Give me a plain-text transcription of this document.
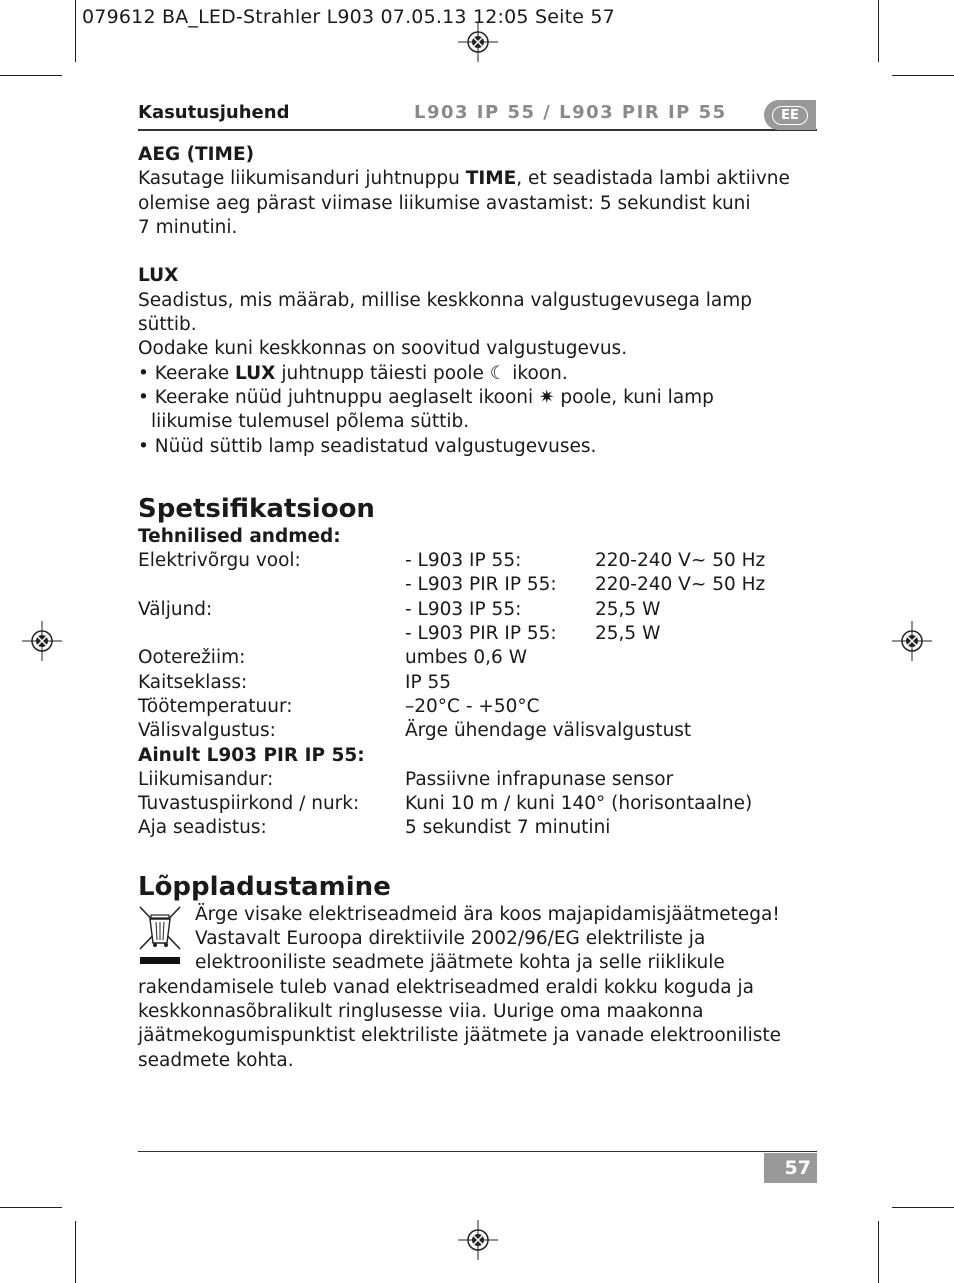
079612 BA_LED-Strahler L903 07.05.13 12:05 Seite 57
Kasutusjuhend	L903 IP 55 / L903 PIR IP 55	EE

AEG (TIME)

Kasutage liikumisanduri juhtnuppu TIME, et seadistada lambi aktiivne

olemise aeg pärast viimase liikumise avastamist: 5 sekundist kuni

7 minutini.

LUX

Seadistus, mis määrab, millise keskkonna valgustugevusega lamp

süttib.

Oodake kuni keskkonnas on soovitud valgustugevus.

• Keerake LUX juhtnupp täiesti poole ☾ ikoon.

• Keerake nüüd juhtnuppu aeglaselt ikooni ✷ poole, kuni lamp

liikumise tulemusel põlema süttib.

• Nüüd süttib lamp seadistatud valgustugevuses.

Spetsifikatsioon

Tehnilised andmed:

Elektrivõrgu vool:	- L903 IP 55:	220-240 V~ 50 Hz
	- L903 PIR IP 55:	220-240 V~ 50 Hz
Väljund:	- L903 IP 55:	25,5 W
	- L903 PIR IP 55:	25,5 W
Ooterežiim:	umbes 0,6 W	
Kaitseklass:	IP 55	
Töötemperatuur:	–20°C - +50°C	
Välisvalgustus:	Ärge ühendage välisvalgustust	

Ainult L903 PIR IP 55:

Liikumisandur:	Passiivne infrapunase sensor
Tuvastuspiirkond / nurk:	Kuni 10 m / kuni 140° (horisontaalne)
Aja seadistus:	5 sekundist 7 minutini
Lõppladustamine

Ärge visake elektriseadmeid ära koos majapidamisjäätmetega!

Vastavalt Euroopa direktiivile 2002/96/EG elektriliste ja

elektrooniliste seadmete jäätmete kohta ja selle riiklikule

rakendamisele tuleb vanad elektriseadmed eraldi kokku koguda ja

keskkonnasõbralikult ringlusesse viia. Uurige oma maakonna

jäätmekogumispunktist elektriliste jäätmete ja vanade elektrooniliste

seadmete kohta.

57
